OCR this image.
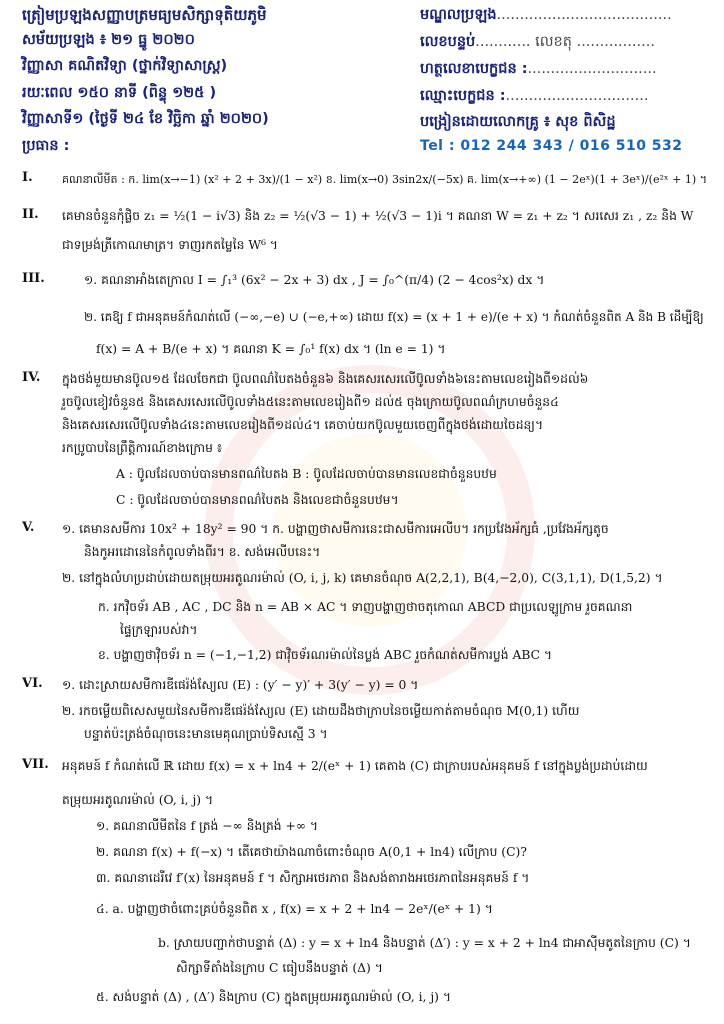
ត្រៀមប្រឡងសញ្ញាបត្រមធ្យមសិក្សាទុតិយភូមិ
សម័យប្រឡង ៖ ២១ ធ្នូ ២០២០
វិញ្ញាសា គណិតវិទ្យា (ថ្នាក់វិទ្យាសាស្ត្រ)
រយៈពេល ១៥០ នាទី (ពិន្ទុ ១២៥ )
វិញ្ញាសាទី១ (ថ្ងៃទី ២៤ ខែ វិច្ឆិកា ឆ្នាំ ២០២០)
ប្រធាន :
មណ្ឌលប្រឡង......................................
លេខបន្ទប់............ លេខតុ .................
ហត្ថលេខាបេក្ខជន :............................
ឈ្មោះបេក្ខជន :...............................
បង្រៀនដោយលោកគ្រូ ៖ សុខ ពិសិដ្ឋ
Tel : 012 244 343 / 016 510 532
I.	គណនាលីមីត : ក. lim(x→−1) (x² + 2 + 3x)/(1 − x²) ខ. lim(x→0) 3sin2x/(−5x) គ. lim(x→+∞) (1 − 2eˣ)(1 + 3eˣ)/(e²ˣ + 1) ។
II. គេមានចំនួនកុំផ្លិច z₁ = ½(1 − i√3) និង z₂ = ½(√3 − 1) + ½(√3 − 1)i ។ គណនា W = z₁ + z₂ ។ សរសេរ z₁ , z₂ និង W
ជាទម្រង់ត្រីកោណមាត្រ។ ទាញរកតម្លៃនៃ W⁶ ។
III.	១. គណនាអាំងតេក្រាល I = ∫₁³ (6x² − 2x + 3) dx , J = ∫₀^(π/4) (2 − 4cos²x) dx ។
២. គេឱ្យ f ជាអនុគមន៍កំណត់លើ (−∞,−e) ∪ (−e,+∞) ដោយ f(x) = (x + 1 + e)/(e + x) ។ កំណត់ចំនួនពិត A និង B ដើម្បីឱ្យ
f(x) = A + B/(e + x) ។ គណនា K = ∫₀¹ f(x) dx ។ (ln e = 1) ។
IV. ក្នុងថង់មួយមានប៊ូល១៥ ដែលចែកជា ប៊ូលពណ៌បៃតងចំនួន៦ និងគេសរសេរលើប៊ូលទាំង៦នេះតាមលេខរៀងពី១ដល់៦
រួចប៊ូលខៀវចំនួន៥ និងគេសរសេរលើប៊ូលទាំង៥នេះតាមលេខរៀងពី១ ដល់៥ ចុងក្រោយប៊ូលពណ៌ក្រហមចំនួន៤
និងគេសរសេរលើប៊ូលទាំង៤នេះតាមលេខរៀងពី១ដល់៤។ គេចាប់យកប៊ូលមួយចេញពីក្នុងថង់ដោយចៃដន្យ។
រកប្រូបាបនៃព្រឹត្តិការណ៍ខាងក្រោម ៖
A : ប៊ូលដែលចាប់បានមានពណ៌បៃតង B : ប៊ូលដែលចាប់បានមានលេខជាចំនួនបឋម
C : ប៊ូលដែលចាប់បានមានពណ៌បៃតង និងលេខជាចំនួនបឋម។
V. ១. គេមានសមីការ 10x² + 18y² = 90 ។ ក. បង្ហាញថាសមីការនេះជាសមីការអេលីប។ រកប្រវែងអ័ក្សធំ ,ប្រវែងអ័ក្សតូច
និងកូអរដោនេនៃកំពូលទាំងពីរ។ ខ. សង់អេលីបនេះ។
២. នៅក្នុងលំហប្រដាប់ដោយតម្រុយអរតូណរម៉ាល់ (O, i, j, k) គេមានចំណុច A(2,2,1), B(4,−2,0), C(3,1,1), D(1,5,2) ។
ក. រកវ៉ិចទ័រ AB , AC , DC និង n = AB × AC ។ ទាញបង្ហាញថាចតុកោណ ABCD ជាប្រលេឡូក្រាម រួចគណនា
ផ្ទៃក្រឡារបស់វា។
ខ. បង្ហាញថាវ៉ិចទ័រ n = (−1,−1,2) ជាវ៉ិចទ័រណរម៉ាល់នៃប្លង់ ABC រួចកំណត់សមីការប្លង់ ABC ។
VI. ១. ដោះស្រាយសមីការឌីផេរ៉ង់ស្យែល (E) : (y′ − y)′ + 3(y′ − y) = 0 ។
២. រកចម្លើយពិសេសមួយនៃសមីការឌីផេរ៉ង់ស្យែល (E) ដោយដឹងថាក្រាបនៃចម្លើយកាត់តាមចំណុច M(0,1) ហើយ
បន្ទាត់ប៉ះត្រង់ចំណុចនេះមានមេគុណប្រាប់ទិសស្មើ 3 ។
VII. អនុគមន៍ f កំណត់លើ ℝ ដោយ f(x) = x + ln4 + 2/(eˣ + 1) គេតាង (C) ជាក្រាបរបស់អនុគមន៍ f នៅក្នុងប្លង់ប្រដាប់ដោយ
តម្រុយអរតូណរម៉ាល់ (O, i, j) ។
១. គណនាលីមីតនៃ f ត្រង់ −∞ និងត្រង់ +∞ ។
២. គណនា f(x) + f(−x) ។ តើគេថាយ៉ាងណាចំពោះចំណុច A(0,1 + ln4) លើក្រាប (C)?
៣. គណនាដេរីវេ f′(x) នៃអនុគមន៍ f ។ សិក្សាអថេរភាព និងសង់តារាងអថេរភាពនៃអនុគមន៍ f ។
៤. a. បង្ហាញថាចំពោះគ្រប់ចំនួនពិត x , f(x) = x + 2 + ln4 − 2eˣ/(eˣ + 1) ។
b. ស្រាយបញ្ជាក់ថាបន្ទាត់ (Δ) : y = x + ln4 និងបន្ទាត់ (Δ′) : y = x + 2 + ln4 ជាអាស៊ីមតូតនៃក្រាប (C) ។
សិក្សាទីតាំងនៃក្រាប C ធៀបនឹងបន្ទាត់ (Δ) ។
៥. សង់បន្ទាត់ (Δ) , (Δ′) និងក្រាប (C) ក្នុងតម្រុយអរតូណរម៉ាល់ (O, i, j) ។
